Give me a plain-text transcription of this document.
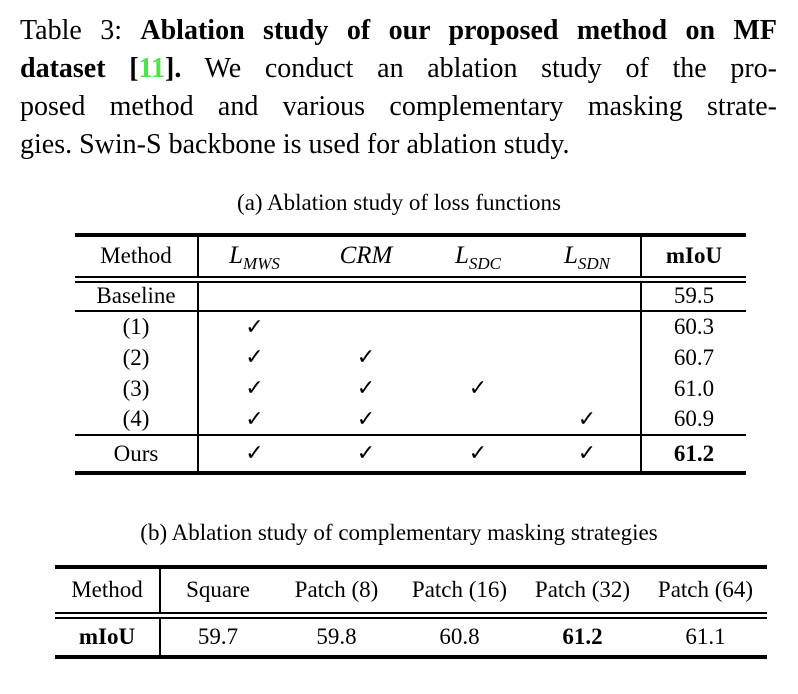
Table 3: Ablation study of our proposed method on MF
dataset [11]. We conduct an ablation study of the pro-
posed method and various complementary masking strate-
gies. Swin-S backbone is used for ablation study.
(a) Ablation study of loss functions
Method	$L_{MWS}$	CRM	$L_{SDC}$	$L_{SDN}$	mIoU
Baseline					59.5
(1)	✓				60.3
(2)	✓	✓			60.7
(3)	✓	✓	✓		61.0
(4)	✓	✓		✓	60.9
Ours	✓	✓	✓	✓	61.2
(b) Ablation study of complementary masking strategies
Method	Square	Patch (8)	Patch (16)	Patch (32)	Patch (64)
mIoU	59.7	59.8	60.8	61.2	61.1
